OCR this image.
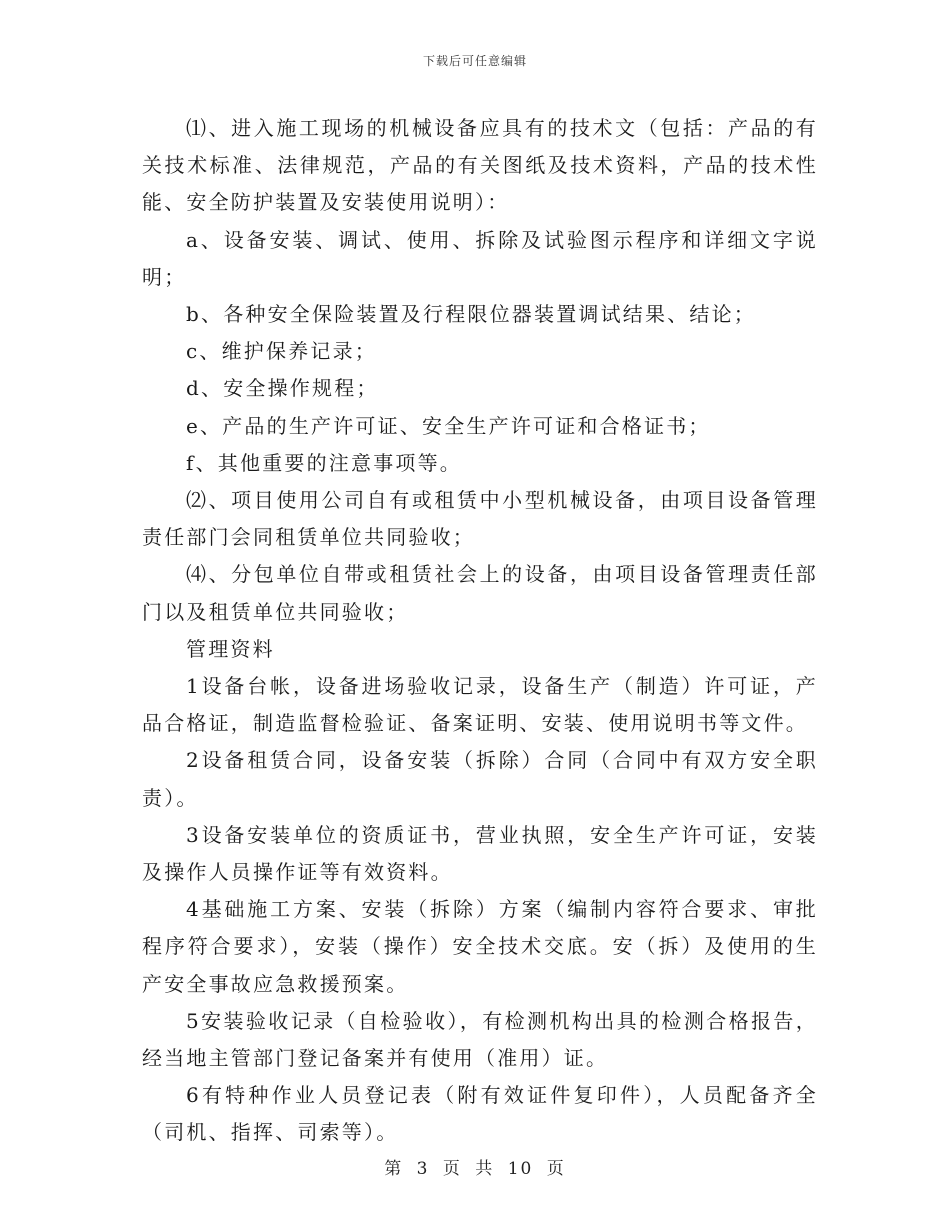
下载后可任意编辑

⑴、进入施工现场的机械设备应具有的技术文（包括：产品的有关技术标准、法律规范，产品的有关图纸及技术资料，产品的技术性能、安全防护装置及安装使用说明）：

a、设备安装、调试、使用、拆除及试验图示程序和详细文字说明；

b、各种安全保险装置及行程限位器装置调试结果、结论；

c、维护保养记录；

d、安全操作规程；

e、产品的生产许可证、安全生产许可证和合格证书；

f、其他重要的注意事项等。

⑵、项目使用公司自有或租赁中小型机械设备，由项目设备管理责任部门会同租赁单位共同验收；

⑷、分包单位自带或租赁社会上的设备，由项目设备管理责任部门以及租赁单位共同验收；

管理资料

1设备台帐，设备进场验收记录，设备生产（制造）许可证，产品合格证，制造监督检验证、备案证明、安装、使用说明书等文件。

2设备租赁合同，设备安装（拆除）合同（合同中有双方安全职责）。

3设备安装单位的资质证书，营业执照，安全生产许可证，安装及操作人员操作证等有效资料。

4基础施工方案、安装（拆除）方案（编制内容符合要求、审批程序符合要求），安装（操作）安全技术交底。安（拆）及使用的生产安全事故应急救援预案。

5安装验收记录（自检验收），有检测机构出具的检测合格报告，经当地主管部门登记备案并有使用（准用）证。

6有特种作业人员登记表（附有效证件复印件），人员配备齐全（司机、指挥、司索等）。

第 3 页 共 10 页
